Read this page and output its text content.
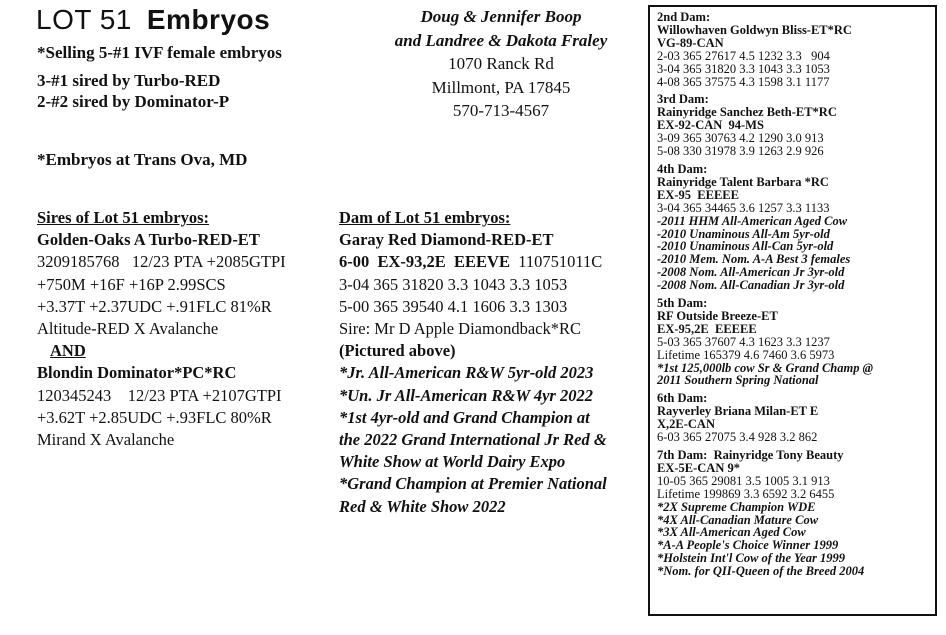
LOT 51 Embryos
*Selling 5-#1 IVF female embryos
3-#1 sired by Turbo-RED
2-#2 sired by Dominator-P
*Embryos at Trans Ova, MD
Doug & Jennifer Boop
and Landree & Dakota Fraley
1070 Ranck Rd
Millmont, PA 17845
570-713-4567
Sires of Lot 51 embryos:
Golden-Oaks A Turbo-RED-ET
3209185768   12/23 PTA +2085GTPI
+750M +16F +16P 2.99SCS
+3.37T +2.37UDC +.91FLC 81%R
Altitude-RED X Avalanche
AND
Blondin Dominator*PC*RC
120345243    12/23 PTA +2107GTPI
+3.62T +2.85UDC +.93FLC 80%R
Mirand X Avalanche
Dam of Lot 51 embryos:
Garay Red Diamond-RED-ET
6-00  EX-93,2E  EEEVE  110751011C
3-04 365 31820 3.3 1043 3.3 1053
5-00 365 39540 4.1 1606 3.3 1303
Sire: Mr D Apple Diamondback*RC
(Pictured above)
*Jr. All-American R&W 5yr-old 2023
*Un. Jr All-American R&W 4yr 2022
*1st 4yr-old and Grand Champion at
the 2022 Grand International Jr Red &
White Show at World Dairy Expo
*Grand Champion at Premier National
Red & White Show 2022
2nd Dam:
Willowhaven Goldwyn Bliss-ET*RC
VG-89-CAN
2-03 365 27617 4.5 1232 3.3   904
3-04 365 31820 3.3 1043 3.3 1053
4-08 365 37575 4.3 1598 3.1 1177
3rd Dam:
Rainyridge Sanchez Beth-ET*RC
EX-92-CAN  94-MS
3-09 365 30763 4.2 1290 3.0 913
5-08 330 31978 3.9 1263 2.9 926
4th Dam:
Rainyridge Talent Barbara *RC
EX-95  EEEEE
3-04 365 34465 3.6 1257 3.3 1133
-2011 HHM All-American Aged Cow
-2010 Unaminous All-Am 5yr-old
-2010 Unaminous All-Can 5yr-old
-2010 Mem. Nom. A-A Best 3 females
-2008 Nom. All-American Jr 3yr-old
-2008 Nom. All-Canadian Jr 3yr-old
5th Dam:
RF Outside Breeze-ET
EX-95,2E  EEEEE
5-03 365 37607 4.3 1623 3.3 1237
Lifetime 165379 4.6 7460 3.6 5973
*1st 125,000lb cow Sr & Grand Champ @
2011 Southern Spring National
6th Dam:
Rayverley Briana Milan-ET E
X,2E-CAN
6-03 365 27075 3.4 928 3.2 862
7th Dam: Rainyridge Tony Beauty
EX-5E-CAN 9*
10-05 365 29081 3.5 1005 3.1 913
Lifetime 199869 3.3 6592 3.2 6455
*2X Supreme Champion WDE
*4X All-Canadian Mature Cow
*3X All-American Aged Cow
*A-A People's Choice Winner 1999
*Holstein Int'l Cow of the Year 1999
*Nom. for QII-Queen of the Breed 2004
